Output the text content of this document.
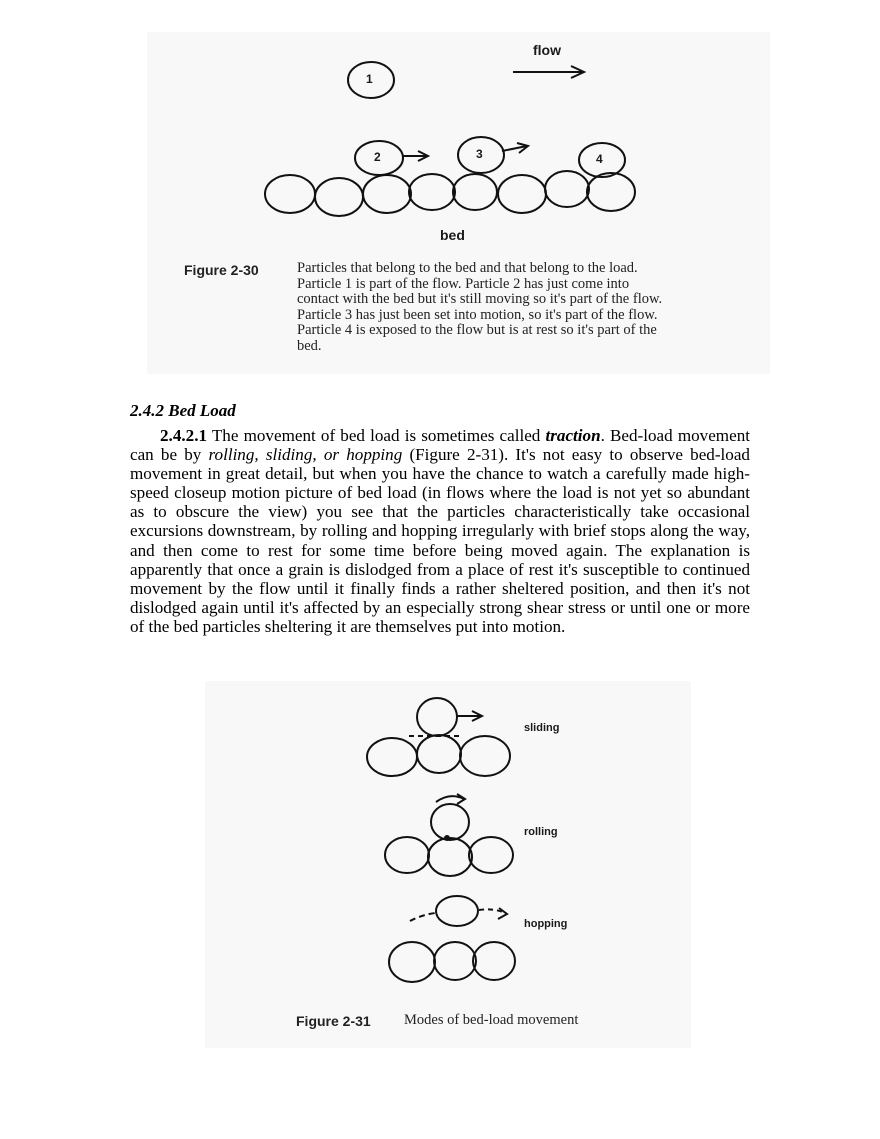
flow
1
2	3	4
bed
Figure 2-30	Particles that belong to the bed and that belong to the load.
Particle 1 is part of the flow. Particle 2 has just come into
contact with the bed but it's still moving so it's part of the flow.
Particle 3 has just been set into motion, so it's part of the flow.
Particle 4 is exposed to the flow but is at rest so it's part of the
bed.
2.4.2 Bed Load

2.4.2.1 The movement of bed load is sometimes called traction. Bed-load movement can be by rolling, sliding, or hopping (Figure 2-31). It's not easy to observe bed-load movement in great detail, but when you have the chance to watch a carefully made high-speed closeup motion picture of bed load (in flows where the load is not yet so abundant as to obscure the view) you see that the particles characteristically take occasional excursions downstream, by rolling and hopping irregularly with brief stops along the way, and then come to rest for some time before being moved again. The explanation is apparently that once a grain is dislodged from a place of rest it's susceptible to continued movement by the flow until it finally finds a rather sheltered position, and then it's not dislodged again until it's affected by an especially strong shear stress or until one or more of the bed particles sheltering it are themselves put into motion.

sliding
rolling
hopping
Figure 2-31 Modes of bed-load movement
